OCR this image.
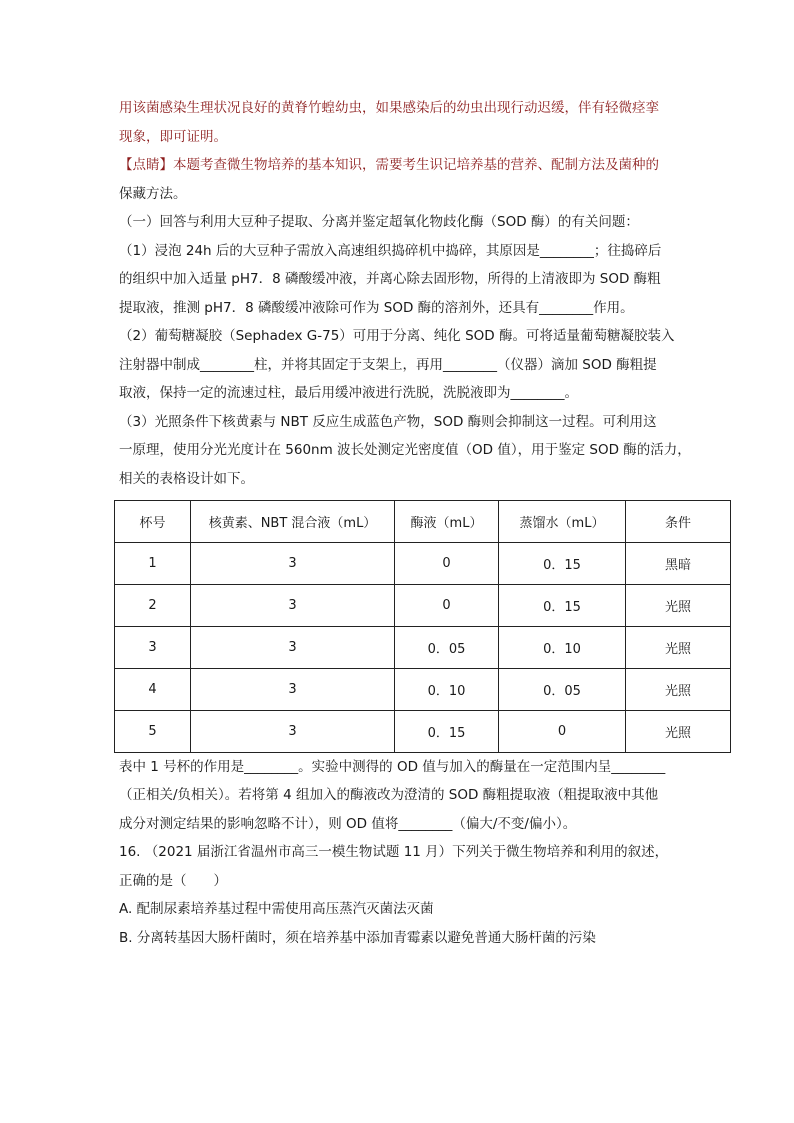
用该菌感染生理状况良好的黄脊竹蝗幼虫，如果感染后的幼虫出现行动迟缓，伴有轻微痉挛

现象，即可证明。

【点睛】本题考查微生物培养的基本知识，需要考生识记培养基的营养、配制方法及菌种的

保藏方法。

（一）回答与利用大豆种子提取、分离并鉴定超氧化物歧化酶（SOD 酶）的有关问题：

（1）浸泡 24h 后的大豆种子需放入高速组织捣碎机中捣碎，其原因是________；往捣碎后

的组织中加入适量 pH7．8 磷酸缓冲液，并离心除去固形物，所得的上清液即为 SOD 酶粗

提取液，推测 pH7．8 磷酸缓冲液除可作为 SOD 酶的溶剂外，还具有________作用。

（2）葡萄糖凝胶（Sephadex G-75）可用于分离、纯化 SOD 酶。可将适量葡萄糖凝胶装入

注射器中制成________柱，并将其固定于支架上，再用________（仪器）滴加 SOD 酶粗提

取液，保持一定的流速过柱，最后用缓冲液进行洗脱，洗脱液即为________。

（3）光照条件下核黄素与 NBT 反应生成蓝色产物，SOD 酶则会抑制这一过程。可利用这

一原理，使用分光光度计在 560nm 波长处测定光密度值（OD 值），用于鉴定 SOD 酶的活力，

相关的表格设计如下。

杯号	核黄素、NBT 混合液（mL）	酶液（mL）	蒸馏水（mL）	条件
1	3	0	0．15	黑暗
2	3	0	0．15	光照
3	3	0．05	0．10	光照
4	3	0．10	0．05	光照
5	3	0．15	0	光照

表中 1 号杯的作用是________。实验中测得的 OD 值与加入的酶量在一定范围内呈________

（正相关/负相关）。若将第 4 组加入的酶液改为澄清的 SOD 酶粗提取液（粗提取液中其他

成分对测定结果的影响忽略不计），则 OD 值将________（偏大/不变/偏小）。

16. （2021 届浙江省温州市高三一模生物试题 11 月）下列关于微生物培养和利用的叙述，

正确的是（　　）

A. 配制尿素培养基过程中需使用高压蒸汽灭菌法灭菌

B. 分离转基因大肠杆菌时，须在培养基中添加青霉素以避免普通大肠杆菌的污染
